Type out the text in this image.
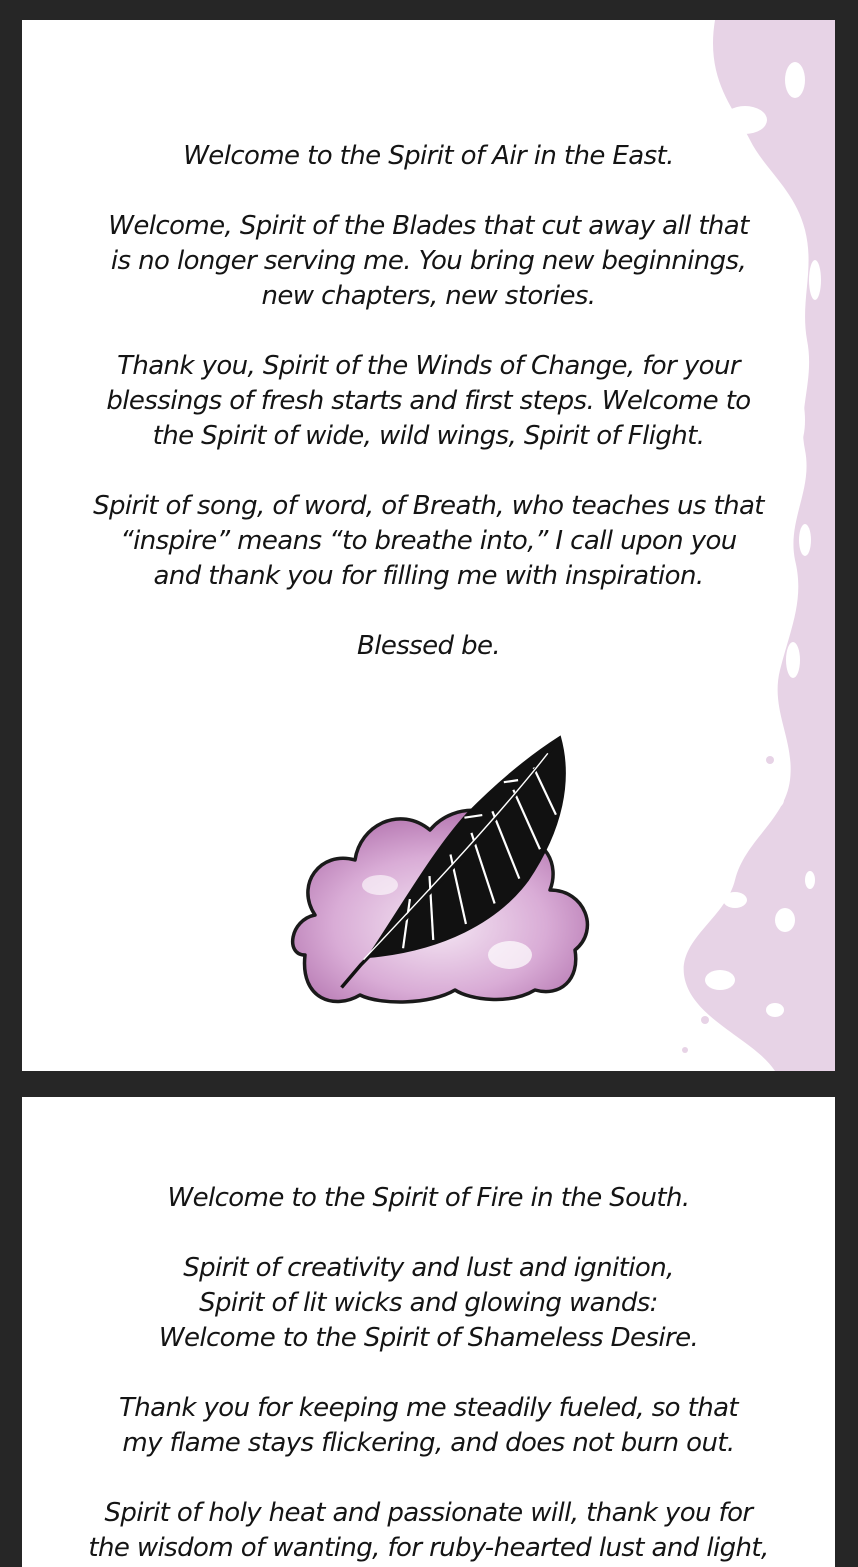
Welcome to the Spirit of Air in the East.
Welcome, Spirit of the Blades that cut away all that
is no longer serving me. You bring new beginnings,
new chapters, new stories.
Thank you, Spirit of the Winds of Change, for your
blessings of fresh starts and first steps. Welcome to
the Spirit of wide, wild wings, Spirit of Flight.
Spirit of song, of word, of Breath, who teaches us that
“inspire” means “to breathe into,” I call upon you
and thank you for filling me with inspiration.
Blessed be.
Welcome to the Spirit of Fire in the South.
Spirit of creativity and lust and ignition,
Spirit of lit wicks and glowing wands:
Welcome to the Spirit of Shameless Desire.
Thank you for keeping me steadily fueled, so that
my flame stays flickering, and does not burn out.
Spirit of holy heat and passionate will, thank you for
the wisdom of wanting, for ruby-hearted lust and light,
